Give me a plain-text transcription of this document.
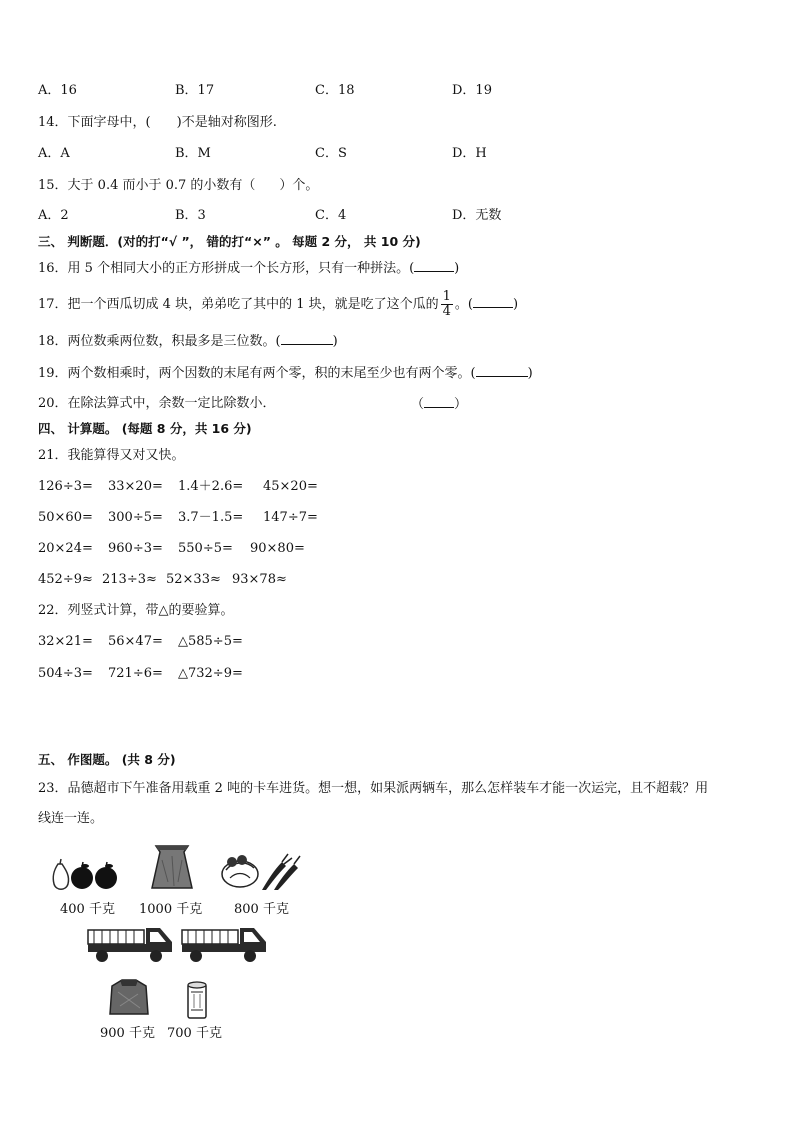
A．16	B．17	C．18	D．19
14．下面字母中，( )不是轴对称图形.
A．A	B．M	C．S	D．H
15．大于 0.4 而小于 0.7 的小数有（ ）个。
A．2	B．3	C．4	D．无数
三、 判断题．(对的打“√ ”， 错的打“×” 。 每题 2 分， 共 10 分)
16．用 5 个相同大小的正方形拼成一个长方形，只有一种拼法。(	)
17．把一个西瓜切成 4 块，弟弟吃了其中的 1 块，就是吃了这个瓜的 $\frac{1}{4}$ 。(	)
18．两位数乘两位数，积最多是三位数。(	)
19．两个数相乘时，两个因数的末尾有两个零，积的末尾至少也有两个零。(	)
20．在除法算式中，余数一定比除数小．	（ ）
四、 计算题。 (每题 8 分，共 16 分)
21．我能算得又对又快。
126÷3= 33×20= 1.4＋2.6= 45×20=
50×60= 300÷5= 3.7－1.5= 147÷7=
20×24= 960÷3= 550÷5= 90×80=
452÷9≈ 213÷3≈ 52×33≈ 93×78≈
22．列竖式计算，带△的要验算。
32×21= 56×47= △585÷5=
504÷3= 721÷6= △732÷9=
五、 作图题。 (共 8 分)
23．品德超市下午准备用载重 2 吨的卡车进货。想一想，如果派两辆车，那么怎样装车才能一次运完，且不超载？用
线连一连。
400 千克 1000 千克 800 千克
900 千克 700 千克
